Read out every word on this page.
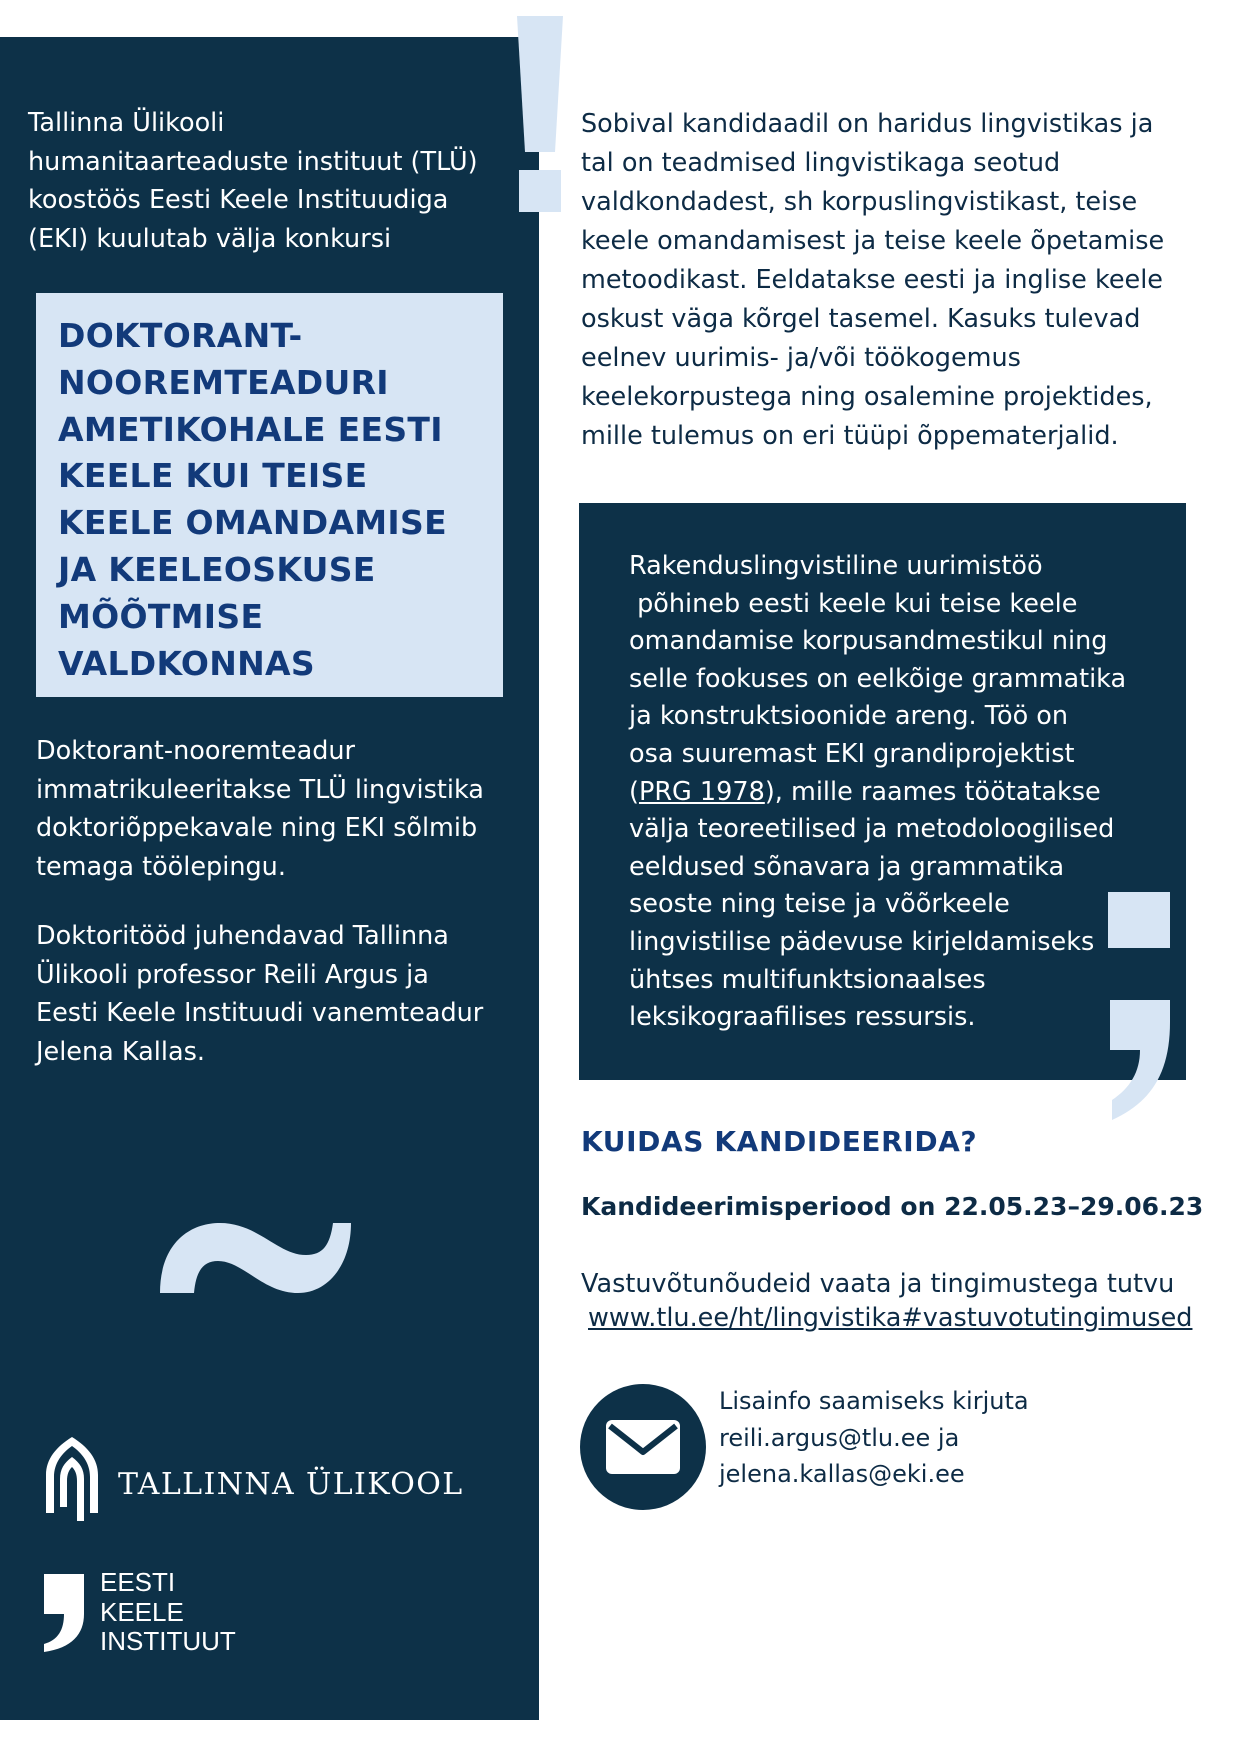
Tallinna Ülikooli
humanitaarteaduste instituut (TLÜ)
koostöös Eesti Keele Instituudiga
(EKI) kuulutab välja konkursi
DOKTORANT-
NOOREMTEADURI
AMETIKOHALE EESTI
KEELE KUI TEISE
KEELE OMANDAMISE
JA KEELEOSKUSE
MÕÕTMISE
VALDKONNAS
Doktorant-nooremteadur
immatrikuleeritakse TLÜ lingvistika
doktoriõppekavale ning EKI sõlmib
temaga töölepingu.
Doktoritööd juhendavad Tallinna
Ülikooli professor Reili Argus ja
Eesti Keele Instituudi vanemteadur
Jelena Kallas.
TALLINNA ÜLIKOOL
EESTI
KEELE
INSTITUUT
Sobival kandidaadil on haridus lingvistikas ja
tal on teadmised lingvistikaga seotud
valdkondadest, sh korpuslingvistikast, teise
keele omandamisest ja teise keele õpetamise
metoodikast. Eeldatakse eesti ja inglise keele
oskust väga kõrgel tasemel. Kasuks tulevad
eelnev uurimis- ja/või töökogemus
keelekorpustega ning osalemine projektides,
mille tulemus on eri tüüpi õppematerjalid.
Rakenduslingvistiline uurimistöö
põhineb eesti keele kui teise keele
omandamise korpusandmestikul ning
selle fookuses on eelkõige grammatika
ja konstruktsioonide areng. Töö on
osa suuremast EKI grandiprojektist
(PRG 1978), mille raames töötatakse
välja teoreetilised ja metodoloogilised
eeldused sõnavara ja grammatika
seoste ning teise ja võõrkeele
lingvistilise pädevuse kirjeldamiseks
ühtses multifunktsionaalses
leksikograafilises ressursis.
KUIDAS KANDIDEERIDA?
Kandideerimisperiood on 22.05.23–29.06.23
Vastuvõtunõudeid vaata ja tingimustega tutvu
www.tlu.ee/ht/lingvistika#vastuvotutingimused
Lisainfo saamiseks kirjuta
reili.argus@tlu.ee ja
jelena.kallas@eki.ee
